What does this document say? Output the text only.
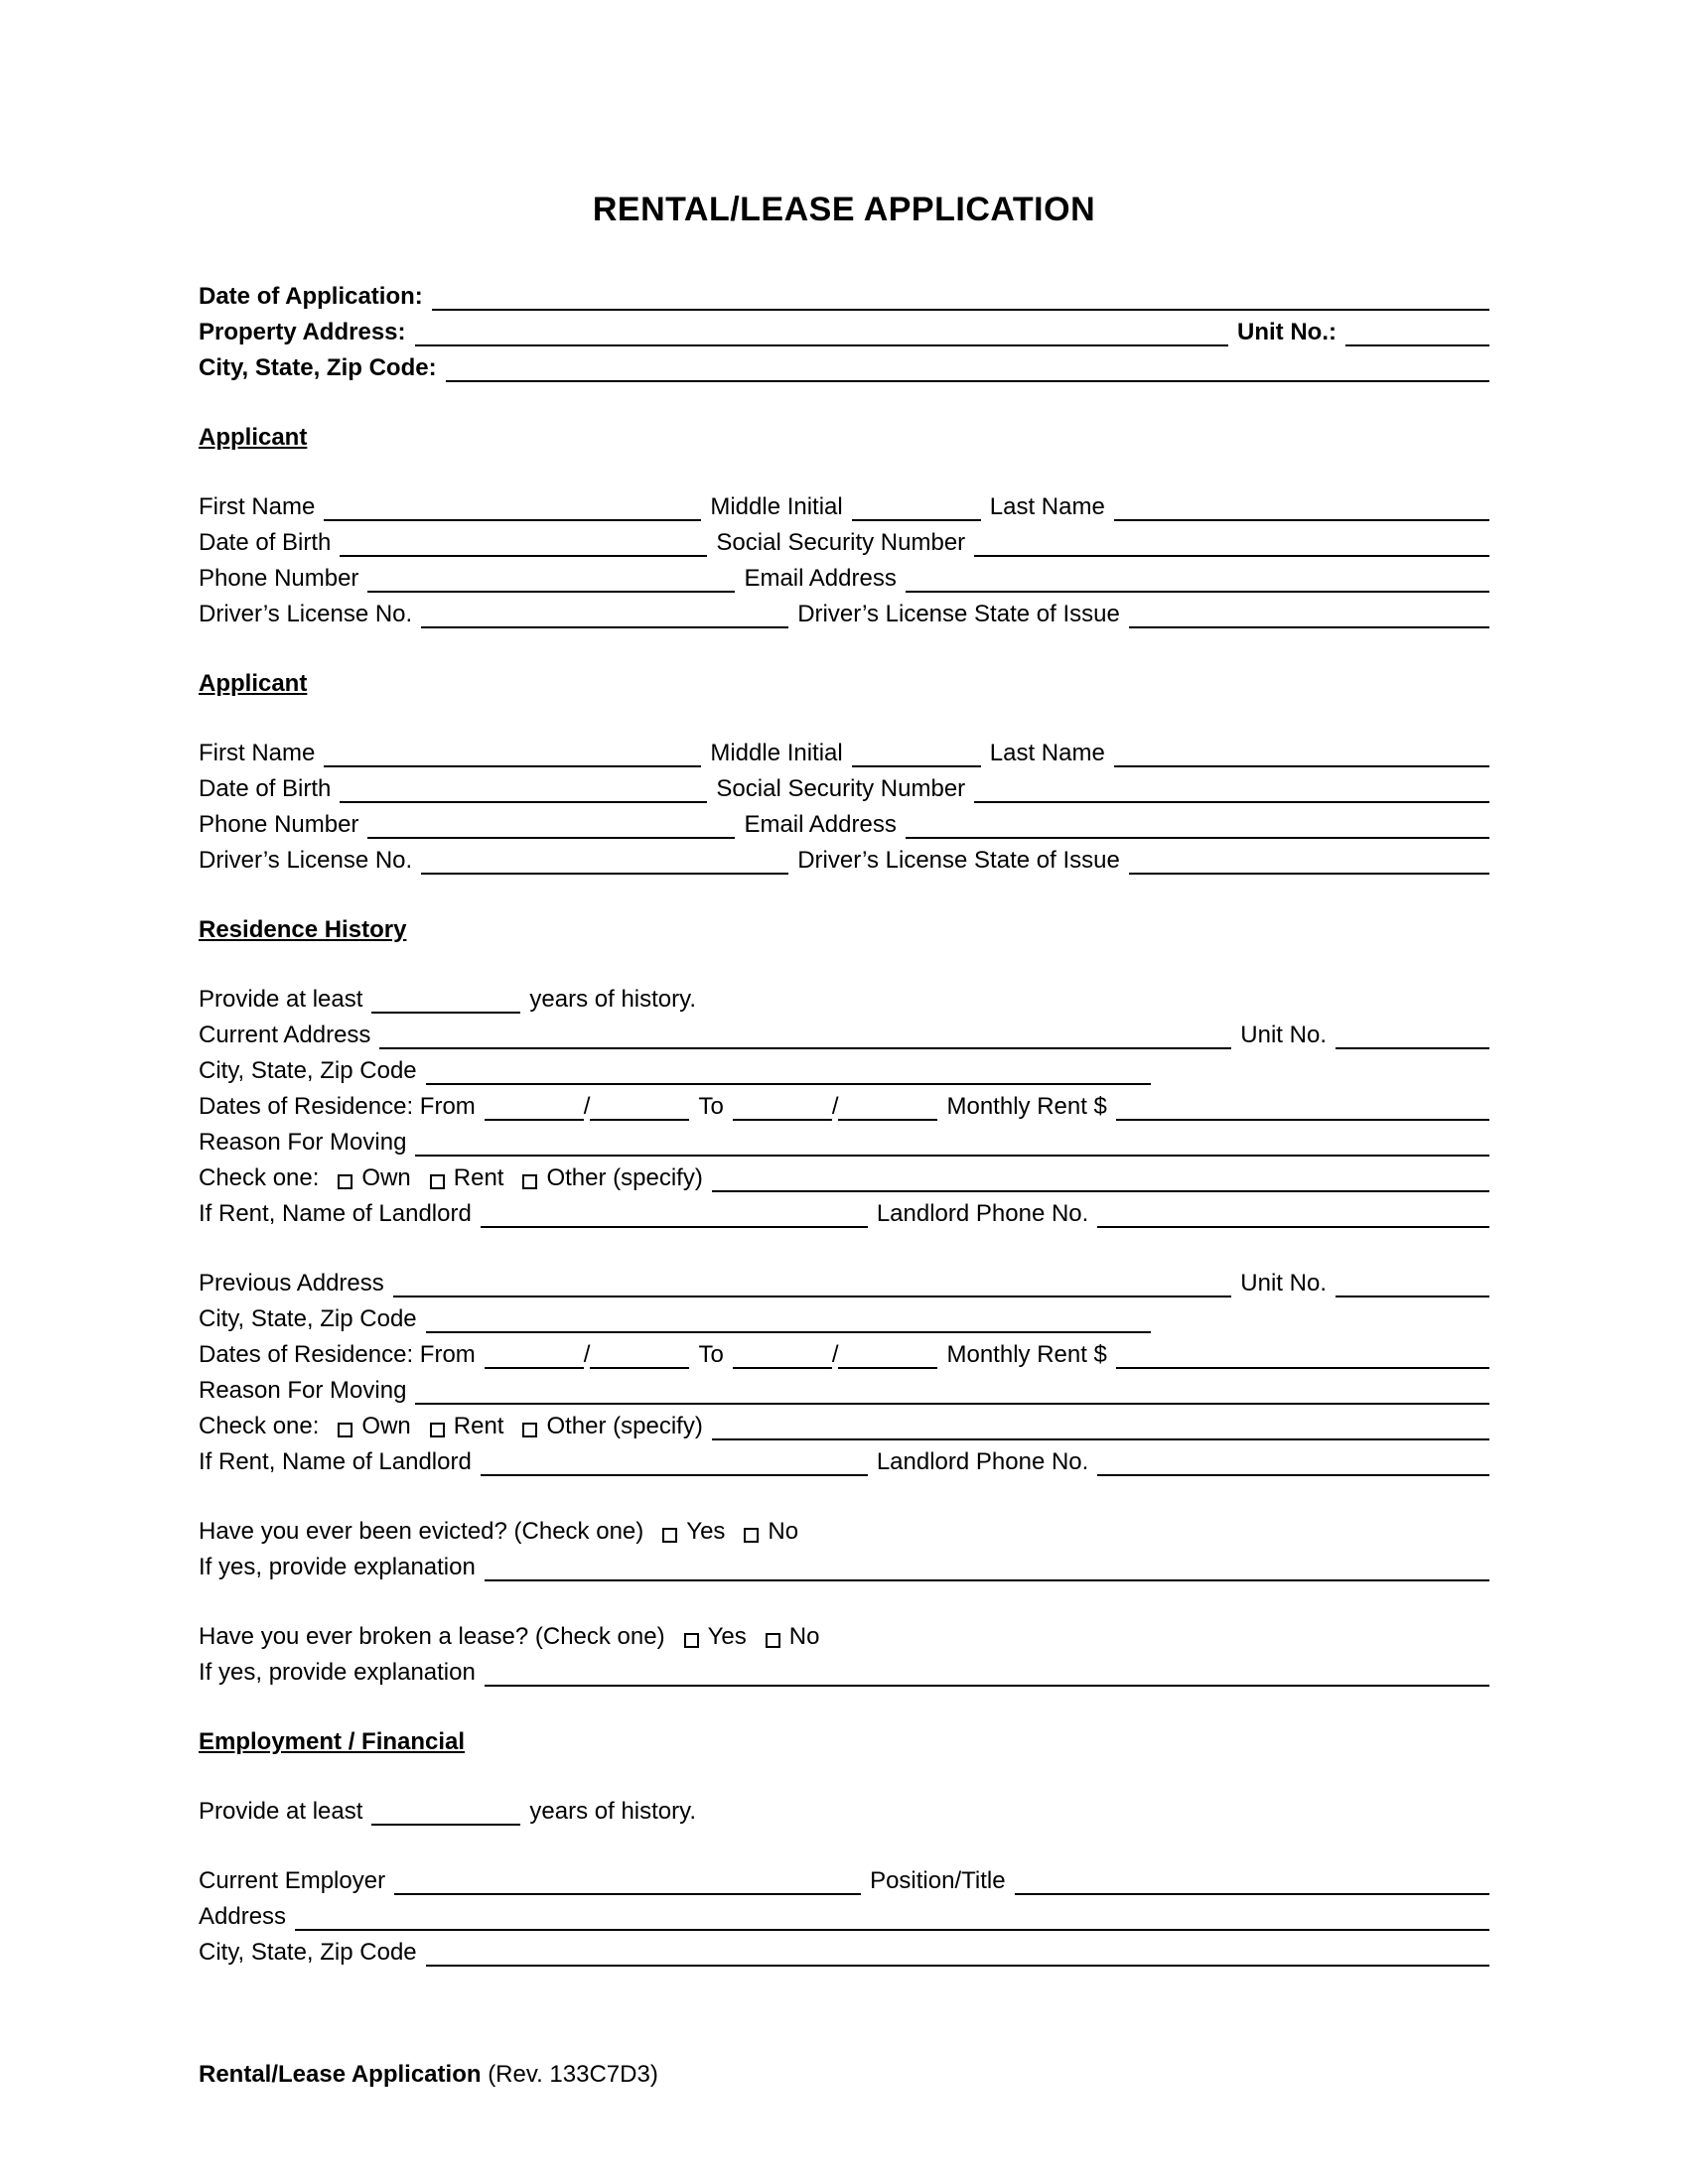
RENTAL/LEASE APPLICATION
Date of Application:
Property Address:	Unit No.:
City, State, Zip Code:
Applicant
First Name	Middle Initial	Last Name
Date of Birth	Social Security Number
Phone Number	Email Address
Driver’s License No.	Driver’s License State of Issue
Applicant
First Name	Middle Initial	Last Name
Date of Birth	Social Security Number
Phone Number	Email Address
Driver’s License No.	Driver’s License State of Issue
Residence History
Provide at least	years of history.
Current Address	Unit No.
City, State, Zip Code
Dates of Residence: From	/	To	/	Monthly Rent $
Reason For Moving
Check one: Own Rent Other (specify)
If Rent, Name of Landlord	Landlord Phone No.
Previous Address	Unit No.
City, State, Zip Code
Dates of Residence: From	/	To	/	Monthly Rent $
Reason For Moving
Check one: Own Rent Other (specify)
If Rent, Name of Landlord	Landlord Phone No.
Have you ever been evicted? (Check one) Yes No
If yes, provide explanation
Have you ever broken a lease? (Check one) Yes No
If yes, provide explanation
Employment / Financial
Provide at least	years of history.
Current Employer	Position/Title
Address
City, State, Zip Code
Rental/Lease Application (Rev. 133C7D3)
